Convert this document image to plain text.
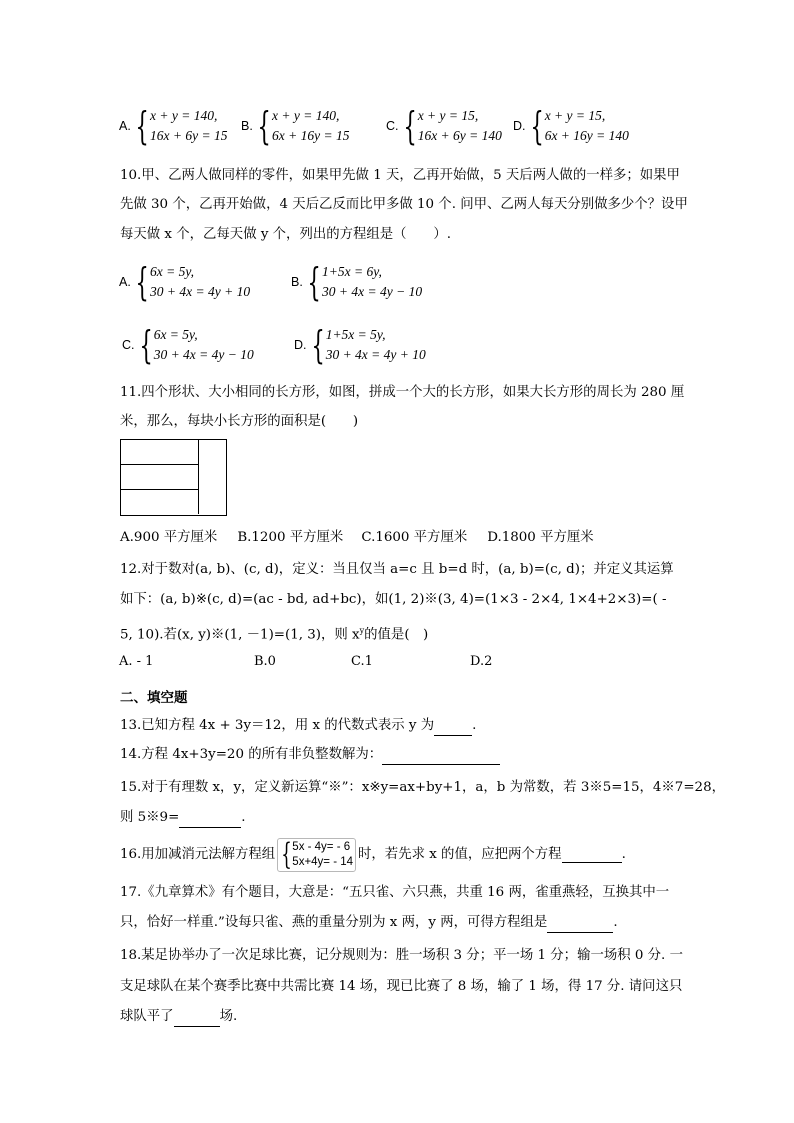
A. { x + y = 140,
16x + 6y = 15
B. { x + y = 140,
6x + 16y = 15
C. { x + y = 15,
16x + 6y = 140
D. { x + y = 15,
6x + 16y = 140
10.甲、乙两人做同样的零件，如果甲先做 1 天，乙再开始做，5 天后两人做的一样多；如果甲
先做 30 个，乙再开始做，4 天后乙反而比甲多做 10 个. 问甲、乙两人每天分别做多少个？设甲
每天做 x 个，乙每天做 y 个，列出的方程组是（　　）.
A. { 6x = 5y,
30 + 4x = 4y + 10
B. { 1+5x = 6y,
30 + 4x = 4y − 10
C. { 6x = 5y,
30 + 4x = 4y − 10
D. { 1+5x = 5y,
30 + 4x = 4y + 10
11.四个形状、大小相同的长方形，如图，拼成一个大的长方形，如果大长方形的周长为 280 厘
米，那么，每块小长方形的面积是(　　)
A.900 平方厘米 B.1200 平方厘米 C.1600 平方厘米 D.1800 平方厘米
12.对于数对(a, b)、(c, d)，定义：当且仅当 a=c 且 b=d 时，(a, b)=(c, d)；并定义其运算
如下：(a, b)※(c, d)=(ac - bd, ad+bc)，如(1, 2)※(3, 4)=(1×3 - 2×4, 1×4+2×3)=( -
5, 10).若(x, y)※(1, －1)=(1, 3)，则 $x^y$的值是(　)
A. - 1	B.0	C.1	D.2
二、填空题
13.已知方程 4x + 3y＝12，用 x 的代数式表示 y 为	.
14.方程 4x+3y=20 的所有非负整数解为：
15.对于有理数 x，y，定义新运算“※”：x※y=ax+by+1，a，b 为常数，若 3※5=15，4※7=28，
则 5※9=	.
16.用加减消元法解方程组 { 5x - 4y= - 6
5x+4y= - 14 时，若先求 x 的值，应把两个方程	.
17.《九章算术》有个题目，大意是：“五只雀、六只燕，共重 16 两，雀重燕轻，互换其中一
只，恰好一样重.”设每只雀、燕的重量分别为 x 两，y 两，可得方程组是	.
18.某足协举办了一次足球比赛，记分规则为：胜一场积 3 分；平一场 1 分；输一场积 0 分. 一
支足球队在某个赛季比赛中共需比赛 14 场，现已比赛了 8 场，输了 1 场，得 17 分. 请问这只
球队平了	场.
